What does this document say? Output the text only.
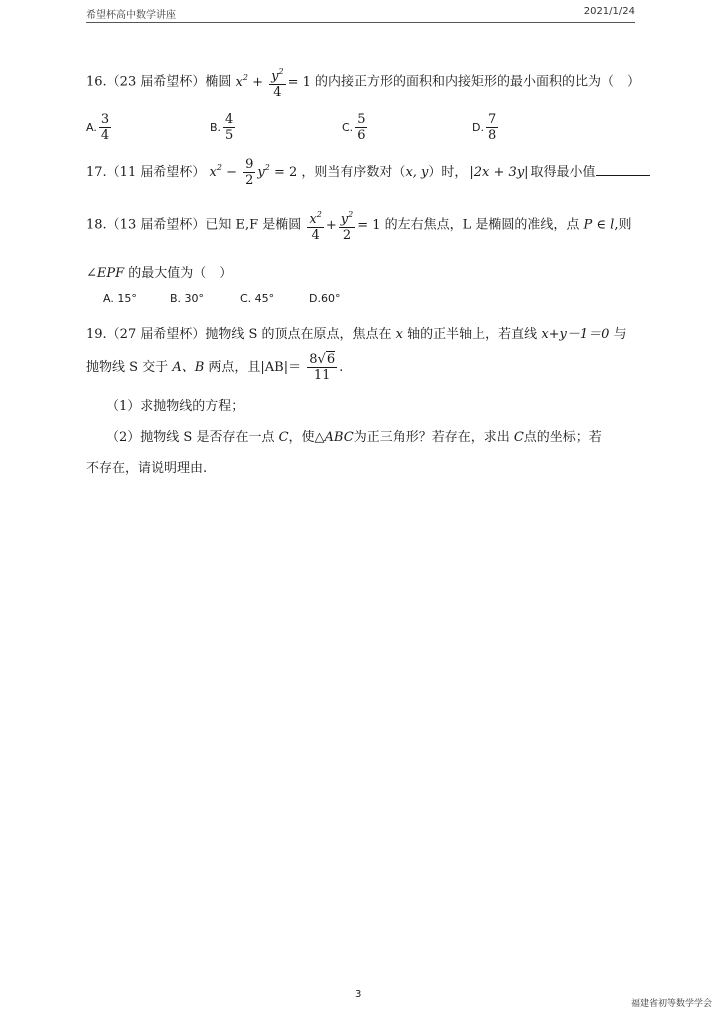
希望杯高中数学讲座	2021/1/24
16.（23 届希望杯）椭圆 $x^2 + \frac{y^2}{4} = 1$ 的内接正方形的面积和内接矩形的最小面积的比为（　）
A. $\frac{3}{4}$	B. $\frac{4}{5}$	C. $\frac{5}{6}$	D. $\frac{7}{8}$
17.（11 届希望杯） $x^2 - \frac{9}{2} y^2 = 2$ ，则当有序数对（x, y）时， |2x + 3y| 取得最小值
18.（13 届希望杯）已知 E,F 是椭圆 $\frac{x^2}{4} + \frac{y^2}{2} = 1$ 的左右焦点，L 是椭圆的准线，点 P ∈ l,则
∠EPF 的最大值为（　）
A. 15°	B. 30°	C. 45°	D.60°
19.（27 届希望杯）抛物线 S 的顶点在原点，焦点在 x 轴的正半轴上，若直线 x+y－1＝0 与
抛物线 S 交于 A、B 两点，且$|AB|= \frac{8√6}{11}$ .
（1）求抛物线的方程；
（2）抛物线 S 是否存在一点 C，使△ABC为正三角形？若存在，求出 C点的坐标；若
不存在，请说明理由.
3
福建省初等数学学会
